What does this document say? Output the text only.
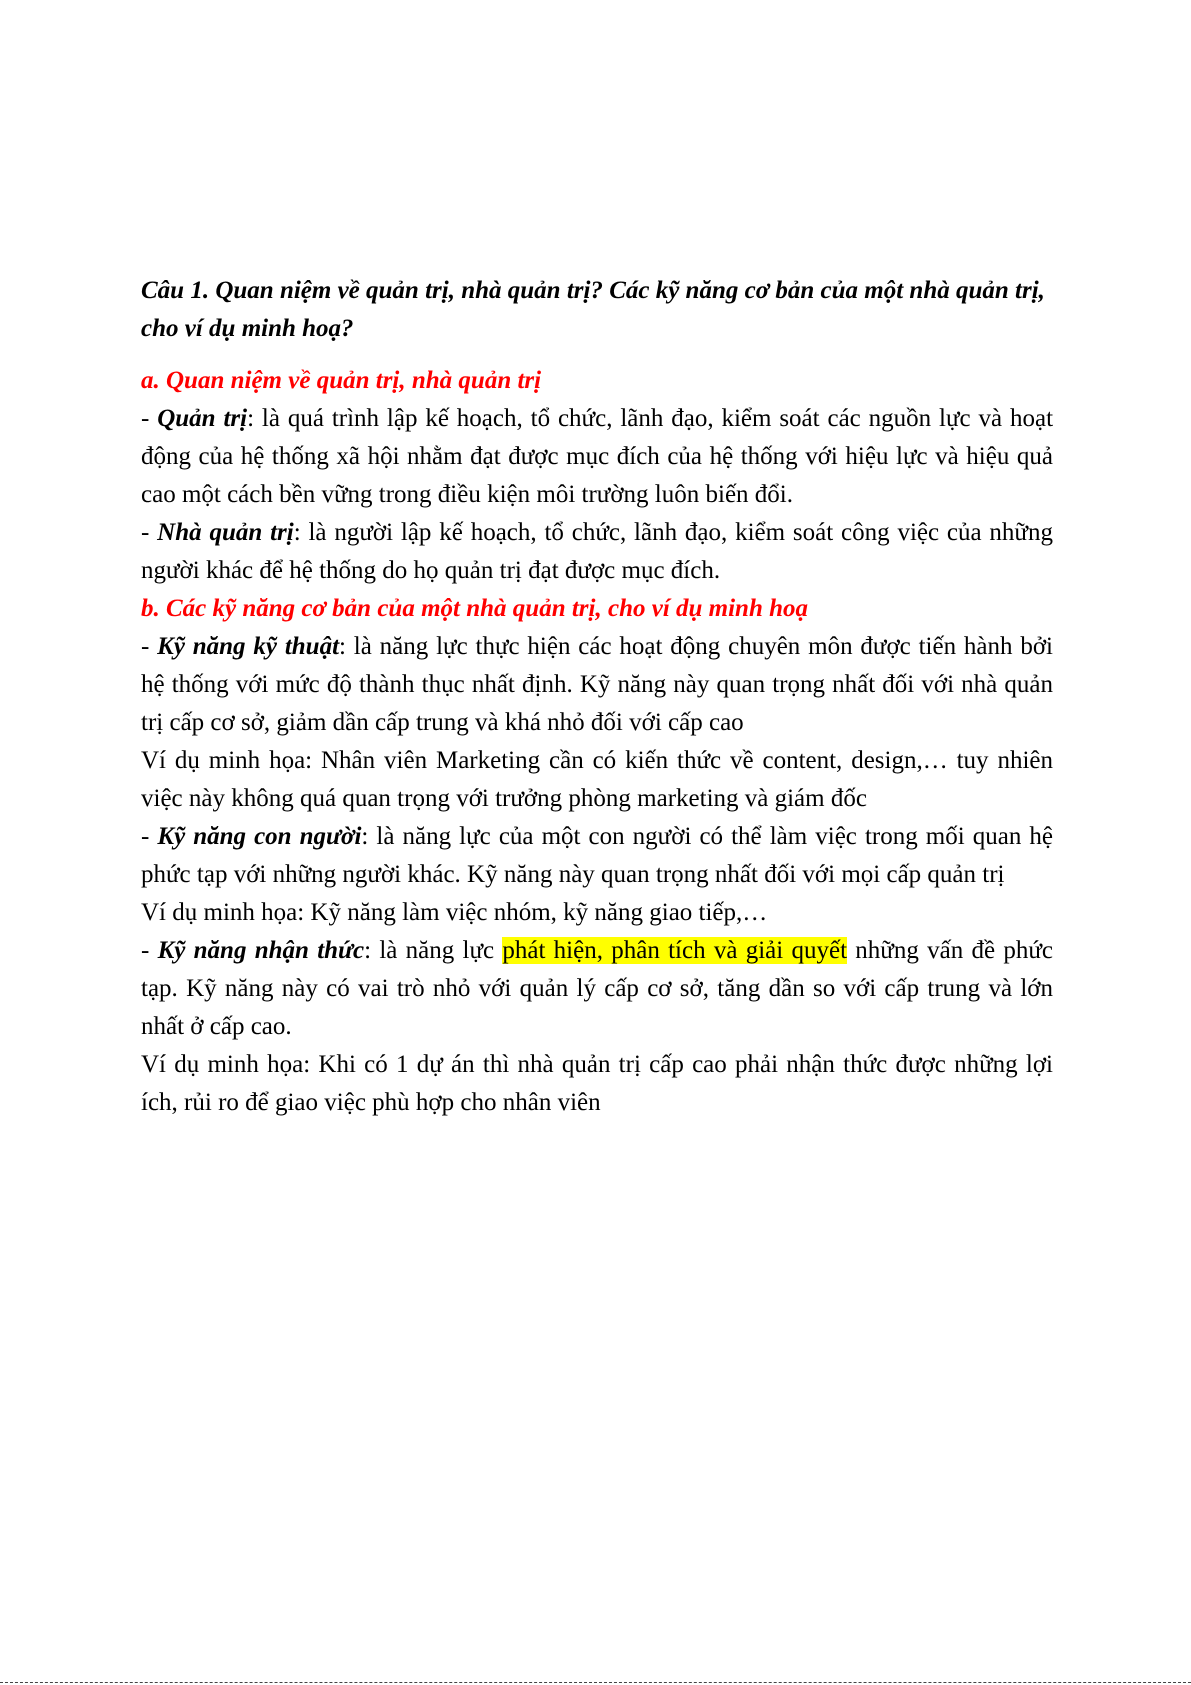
Câu 1. Quan niệm về quản trị, nhà quản trị? Các kỹ năng cơ bản của một nhà quản trị, cho ví dụ minh hoạ?
a. Quan niệm về quản trị, nhà quản trị

- Quản trị: là quá trình lập kế hoạch, tổ chức, lãnh đạo, kiểm soát các nguồn lực và hoạt động của hệ thống xã hội nhằm đạt được mục đích của hệ thống với hiệu lực và hiệu quả cao một cách bền vững trong điều kiện môi trường luôn biến đổi.

- Nhà quản trị: là người lập kế hoạch, tổ chức, lãnh đạo, kiểm soát công việc của những người khác để hệ thống do họ quản trị đạt được mục đích.

b. Các kỹ năng cơ bản của một nhà quản trị, cho ví dụ minh hoạ

- Kỹ năng kỹ thuật: là năng lực thực hiện các hoạt động chuyên môn được tiến hành bởi hệ thống với mức độ thành thục nhất định. Kỹ năng này quan trọng nhất đối với nhà quản trị cấp cơ sở, giảm dần cấp trung và khá nhỏ đối với cấp cao

Ví dụ minh họa: Nhân viên Marketing cần có kiến thức về content, design,… tuy nhiên việc này không quá quan trọng với trưởng phòng marketing và giám đốc

- Kỹ năng con người: là năng lực của một con người có thể làm việc trong mối quan hệ phức tạp với những người khác. Kỹ năng này quan trọng nhất đối với mọi cấp quản trị

Ví dụ minh họa: Kỹ năng làm việc nhóm, kỹ năng giao tiếp,…

- Kỹ năng nhận thức: là năng lực phát hiện, phân tích và giải quyết những vấn đề phức tạp. Kỹ năng này có vai trò nhỏ với quản lý cấp cơ sở, tăng dần so với cấp trung và lớn nhất ở cấp cao.

Ví dụ minh họa: Khi có 1 dự án thì nhà quản trị cấp cao phải nhận thức được những lợi ích, rủi ro để giao việc phù hợp cho nhân viên
